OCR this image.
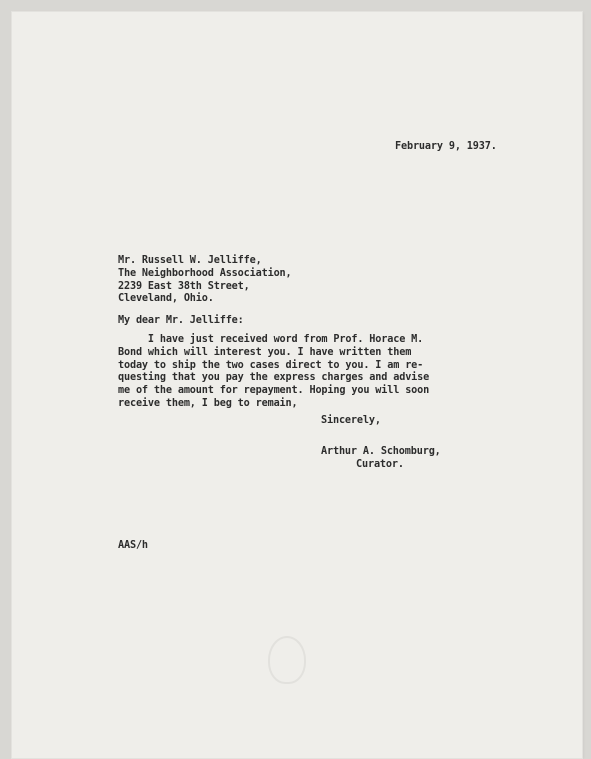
February 9, 1937.

Mr. Russell W. Jelliffe,
The Neighborhood Association,
2239 East 38th Street,
Cleveland, Ohio.

My dear Mr. Jelliffe:

I have just received word from Prof. Horace M.
Bond which will interest you. I have written them
today to ship the two cases direct to you. I am re-
questing that you pay the express charges and advise
me of the amount for repayment. Hoping you will soon
receive them, I beg to remain,

Sincerely,

Arthur A. Schomburg,

Curator.

AAS/h
